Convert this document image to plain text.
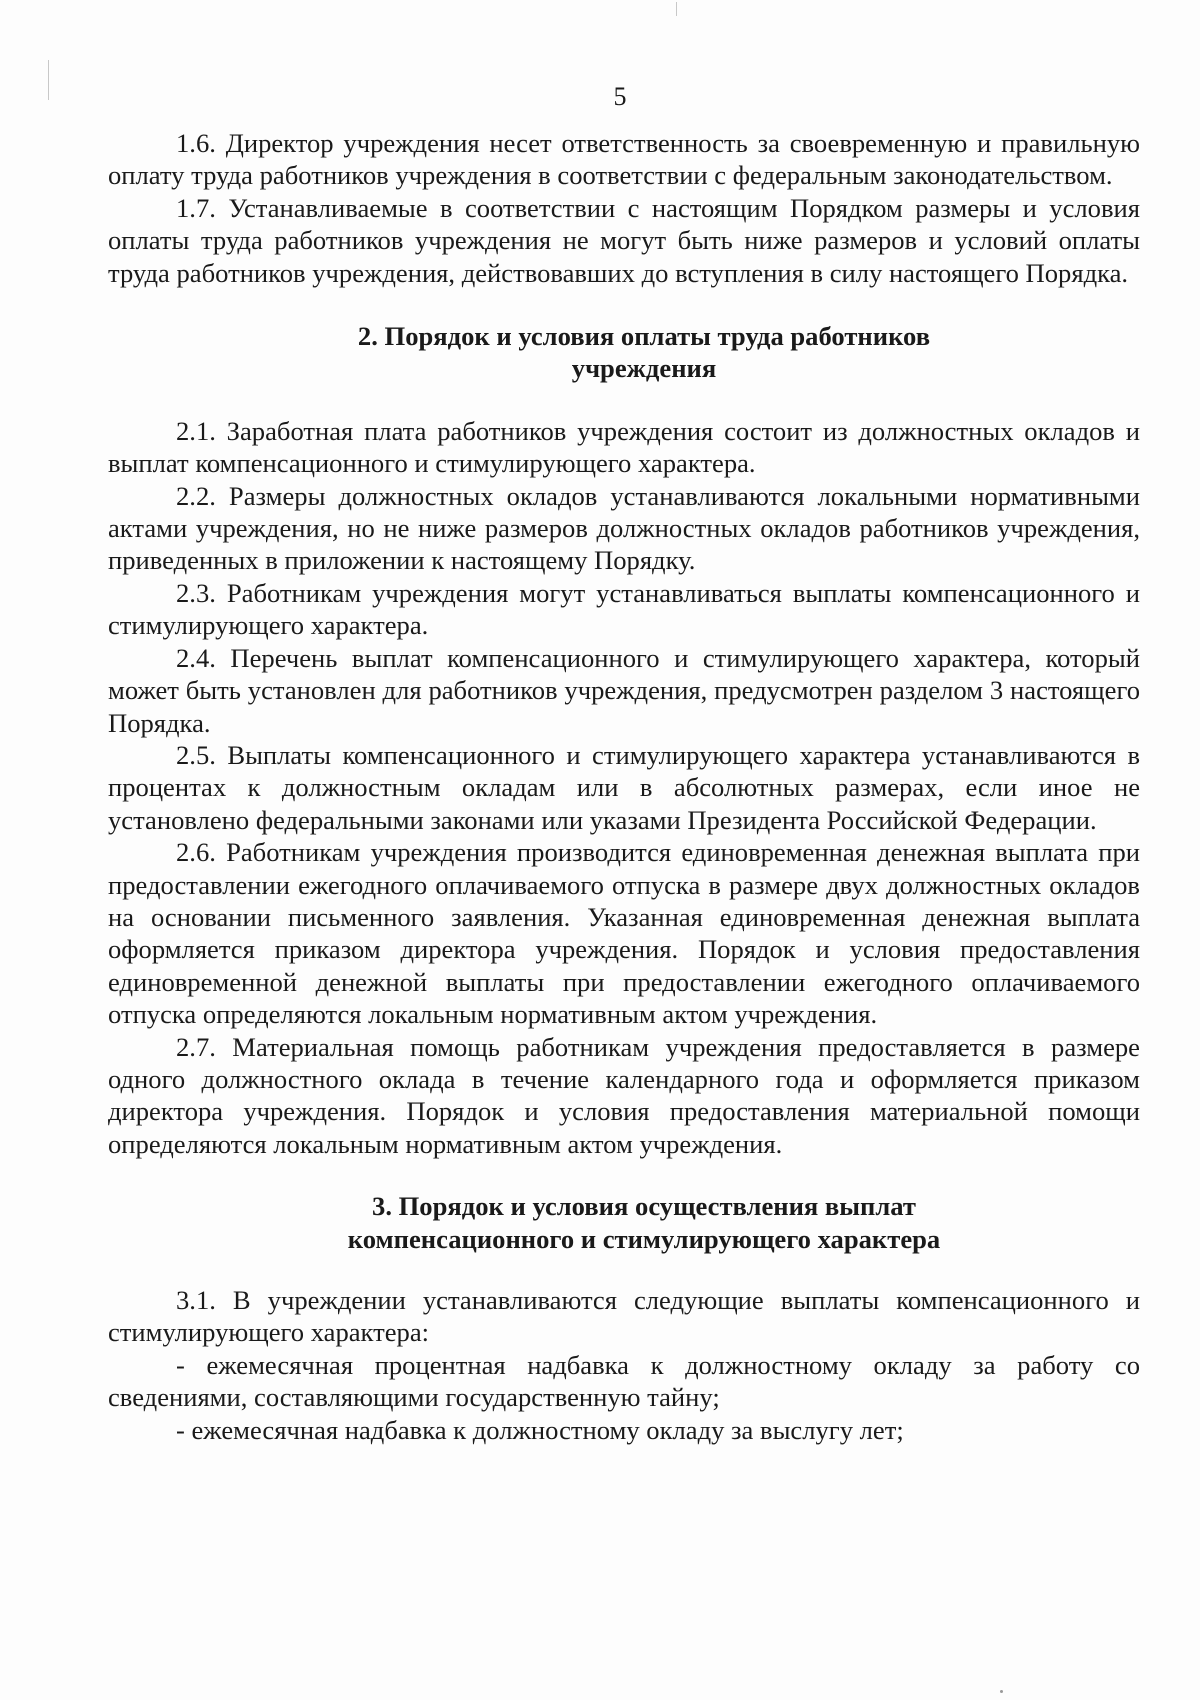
5

1.6. Директор учреждения несет ответственность за своевременную и правильную оплату труда работников учреждения в соответствии с федеральным законодательством.

1.7. Устанавливаемые в соответствии с настоящим Порядком размеры и условия оплаты труда работников учреждения не могут быть ниже размеров и условий оплаты труда работников учреждения, действовавших до вступления в силу настоящего Порядка.

2. Порядок и условия оплаты труда работников
учреждения

2.1. Заработная плата работников учреждения состоит из должностных окладов и выплат компенсационного и стимулирующего характера.

2.2. Размеры должностных окладов устанавливаются локальными нормативными актами учреждения, но не ниже размеров должностных окладов работников учреждения, приведенных в приложении к настоящему Порядку.

2.3. Работникам учреждения могут устанавливаться выплаты компенсационного и стимулирующего характера.

2.4. Перечень выплат компенсационного и стимулирующего характера, который может быть установлен для работников учреждения, предусмотрен разделом 3 настоящего Порядка.

2.5. Выплаты компенсационного и стимулирующего характера устанавливаются в процентах к должностным окладам или в абсолютных размерах, если иное не установлено федеральными законами или указами Президента Российской Федерации.

2.6. Работникам учреждения производится единовременная денежная выплата при предоставлении ежегодного оплачиваемого отпуска в размере двух должностных окладов на основании письменного заявления. Указанная единовременная денежная выплата оформляется приказом директора учреждения. Порядок и условия предоставления единовременной денежной выплаты при предоставлении ежегодного оплачиваемого отпуска определяются локальным нормативным актом учреждения.

2.7. Материальная помощь работникам учреждения предоставляется в размере одного должностного оклада в течение календарного года и оформляется приказом директора учреждения. Порядок и условия предоставления материальной помощи определяются локальным нормативным актом учреждения.

3. Порядок и условия осуществления выплат
компенсационного и стимулирующего характера

3.1. В учреждении устанавливаются следующие выплаты компенсационного и стимулирующего характера:

- ежемесячная процентная надбавка к должностному окладу за работу со сведениями, составляющими государственную тайну;

- ежемесячная надбавка к должностному окладу за выслугу лет;
